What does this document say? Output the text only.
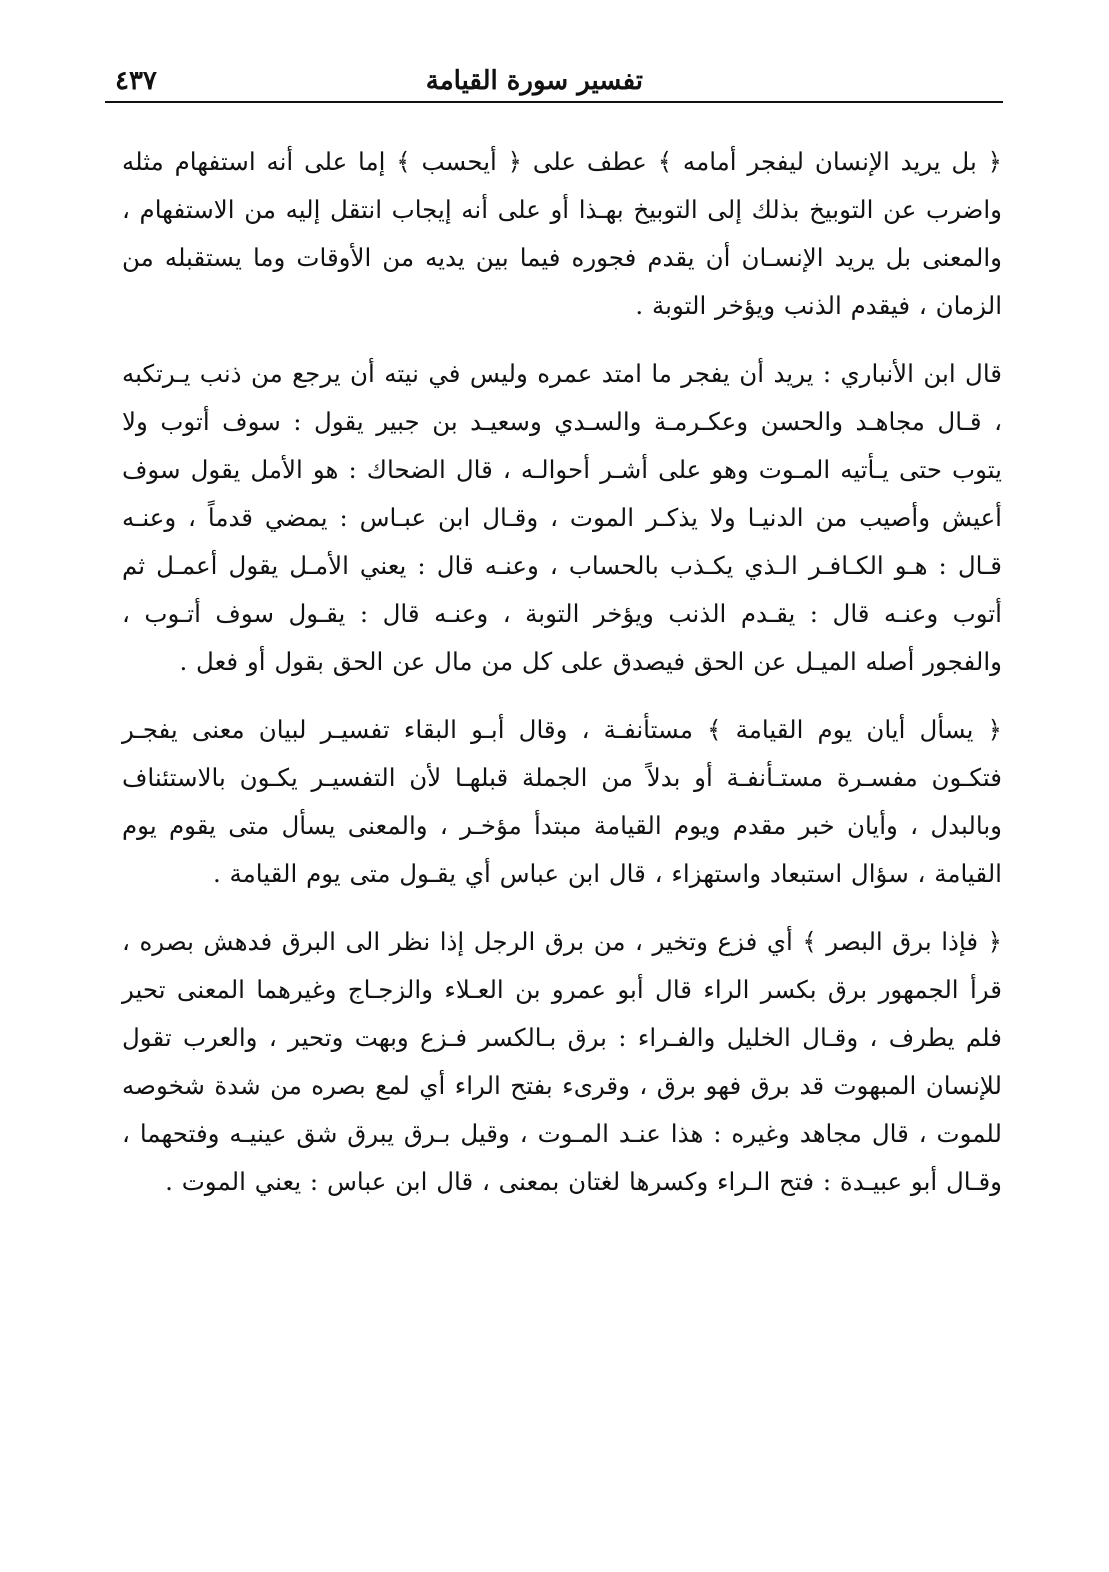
تفسير سورة القيامة
٤٣٧

﴿ بل يريد الإنسان ليفجر أمامه ﴾ عطف على ﴿ أيحسب ﴾ إما على أنه استفهام مثله واضرب عن التوبيخ بذلك إلى التوبيخ بهـذا أو على أنه إيجاب انتقل إليه من الاستفهام ، والمعنى بل يريد الإنسـان أن يقدم فجوره فيما بين يديه من الأوقات وما يستقبله من الزمان ، فيقدم الذنب ويؤخر التوبة .

قال ابن الأنباري : يريد أن يفجر ما امتد عمره وليس في نيته أن يرجع من ذنب يـرتكبه ، قـال مجاهـد والحسن وعكـرمـة والسـدي وسعيـد بن جبير يقول : سوف أتوب ولا يتوب حتى يـأتيه المـوت وهو على أشـر أحوالـه ، قال الضحاك : هو الأمل يقول سوف أعيش وأصيب من الدنيـا ولا يذكـر الموت ، وقـال ابن عبـاس : يمضي قدماً ، وعنـه قـال : هـو الكـافـر الـذي يكـذب بالحساب ، وعنـه قال : يعني الأمـل يقول أعمـل ثم أتوب وعنـه قال : يقـدم الذنب ويؤخر التوبة ، وعنـه قال : يقـول سوف أتـوب ، والفجور أصله الميـل عن الحق فيصدق على كل من مال عن الحق بقول أو فعل .

﴿ يسأل أيان يوم القيامة ﴾ مستأنفـة ، وقال أبـو البقاء تفسيـر لبيان معنى يفجـر فتكـون مفسـرة مستـأنفـة أو بدلاً من الجملة قبلهـا لأن التفسيـر يكـون بالاستئناف وبالبدل ، وأيان خبر مقدم ويوم القيامة مبتدأ مؤخـر ، والمعنى يسأل متى يقوم يوم القيامة ، سؤال استبعاد واستهزاء ، قال ابن عباس أي يقـول متى يوم القيامة .

﴿ فإذا برق البصر ﴾ أي فزع وتخير ، من برق الرجل إذا نظر الى البرق فدهش بصره ، قرأ الجمهور برق بكسر الراء قال أبو عمرو بن العـلاء والزجـاج وغيرهما المعنى تحير فلم يطرف ، وقـال الخليل والفـراء : برق بـالكسر فـزع وبهت وتحير ، والعرب تقول للإنسان المبهوت قد برق فهو برق ، وقرىء بفتح الراء أي لمع بصره من شدة شخوصه للموت ، قال مجاهد وغيره : هذا عنـد المـوت ، وقيل بـرق يبرق شق عينيـه وفتحهما ، وقـال أبو عبيـدة : فتح الـراء وكسرها لغتان بمعنى ، قال ابن عباس : يعني الموت .
